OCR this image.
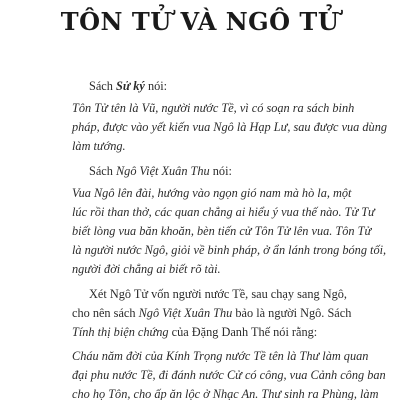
TÔN TỬ VÀ NGÔ TỬ

Sách Sử ký nói:

Tôn Tử tên là Vũ, người nước Tề, vì có soạn ra sách binh

pháp, được vào yết kiến vua Ngô là Hạp Lư, sau được vua dùng

làm tướng.

Sách Ngô Việt Xuân Thu nói:

Vua Ngô lên đài, hướng vào ngọn gió nam mà hò la, một

lúc rồi than thở, các quan chẳng ai hiểu ý vua thế nào. Tử Tư

biết lòng vua băn khoăn, bèn tiến cử Tôn Tử lên vua. Tôn Tử

là người nước Ngô, giỏi về binh pháp, ở ẩn lánh trong bóng tối,

người đời chẳng ai biết rõ tài.

Xét Ngô Tử vốn người nước Tề, sau chạy sang Ngô,

cho nên sách Ngô Việt Xuân Thu bảo là người Ngô. Sách

Tính thị biện chứng của Đặng Danh Thế nói rằng:

Cháu năm đời của Kính Trọng nước Tề tên là Thư làm quan

đại phu nước Tề, đi đánh nước Cử có công, vua Cảnh công ban

cho họ Tôn, cho ấp ăn lộc ở Nhạc An. Thư sinh ra Phùng, làm
